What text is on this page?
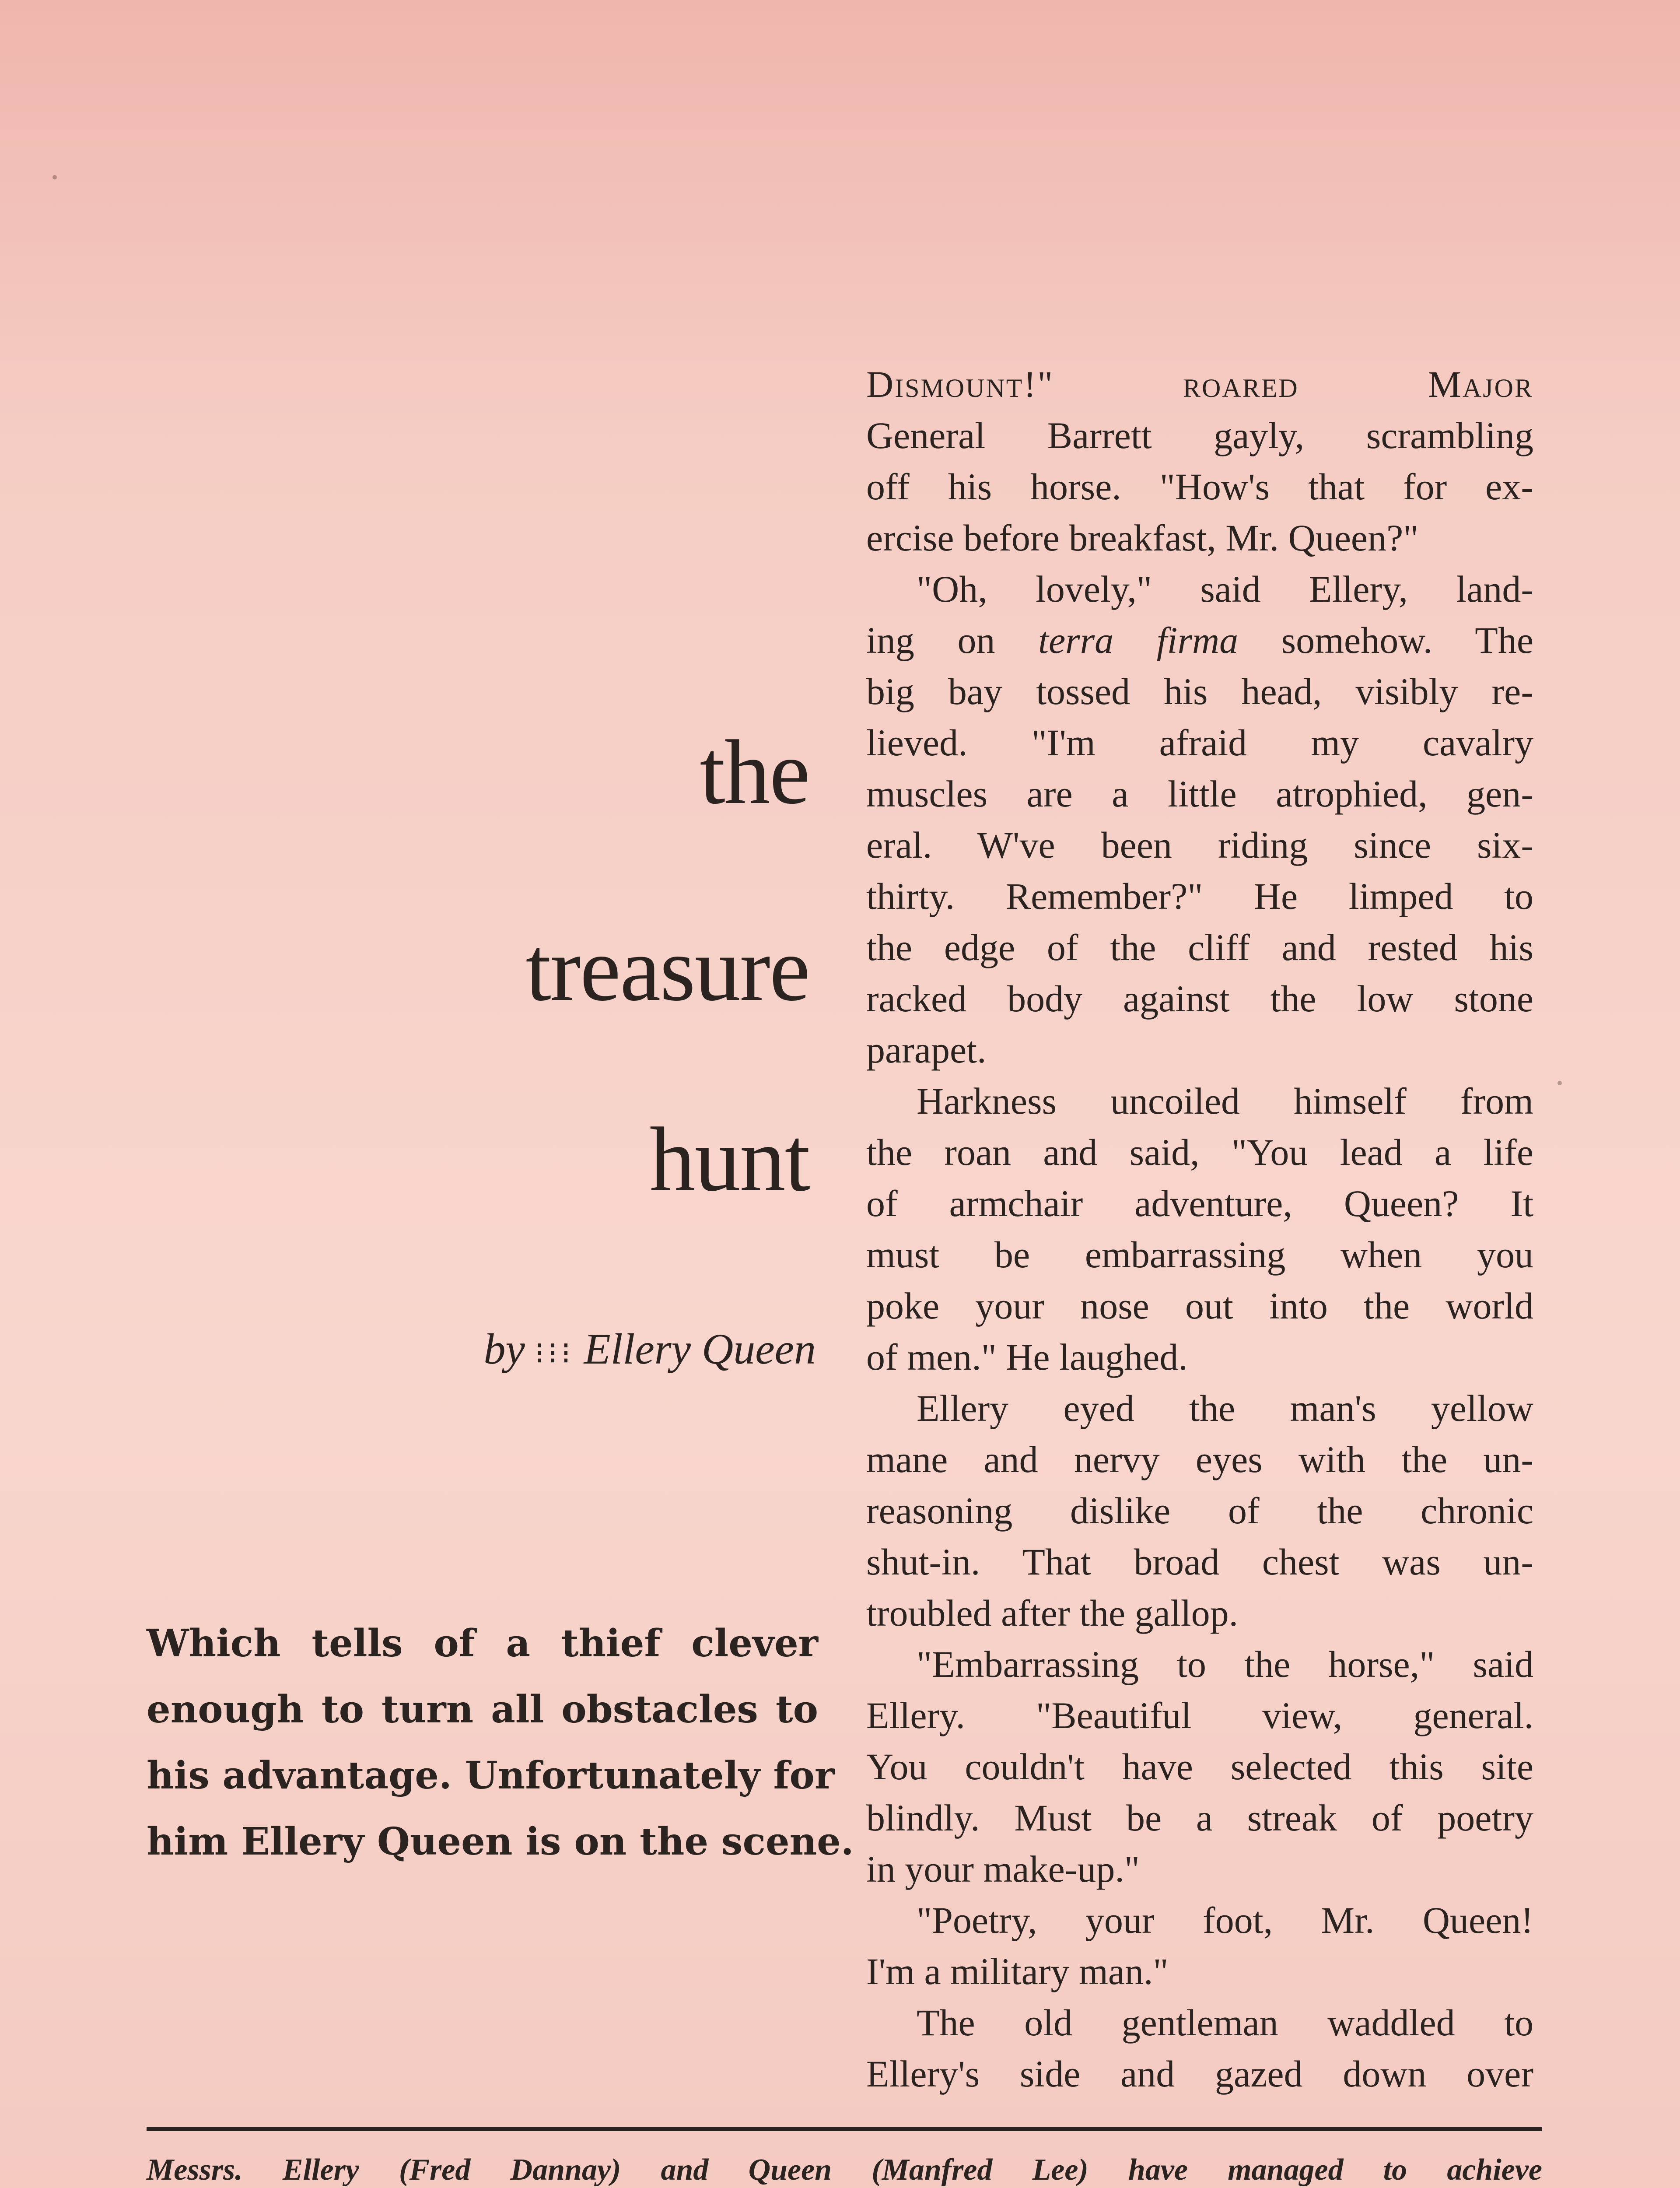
the
treasure
hunt
by ⁝⁝⁝ Ellery Queen
Which tells of a thief clever
enough to turn all obstacles to
his advantage. Unfortunately for
him Ellery Queen is on the scene.
Dismount!" roared Major
General Barrett gayly, scrambling
off his horse. "How's that for ex-
ercise before breakfast, Mr. Queen?"
"Oh, lovely," said Ellery, land-
ing on terra firma somehow. The
big bay tossed his head, visibly re-
lieved. "I'm afraid my cavalry
muscles are a little atrophied, gen-
eral. W've been riding since six-
thirty. Remember?" He limped to
the edge of the cliff and rested his
racked body against the low stone
parapet.
Harkness uncoiled himself from
the roan and said, "You lead a life
of armchair adventure, Queen? It
must be embarrassing when you
poke your nose out into the world
of men." He laughed.
Ellery eyed the man's yellow
mane and nervy eyes with the un-
reasoning dislike of the chronic
shut-in. That broad chest was un-
troubled after the gallop.
"Embarrassing to the horse," said
Ellery. "Beautiful view, general.
You couldn't have selected this site
blindly. Must be a streak of poetry
in your make-up."
"Poetry, your foot, Mr. Queen!
I'm a military man."
The old gentleman waddled to
Ellery's side and gazed down over
Messrs. Ellery (Fred Dannay) and Queen (Manfred Lee) have managed to achieve
